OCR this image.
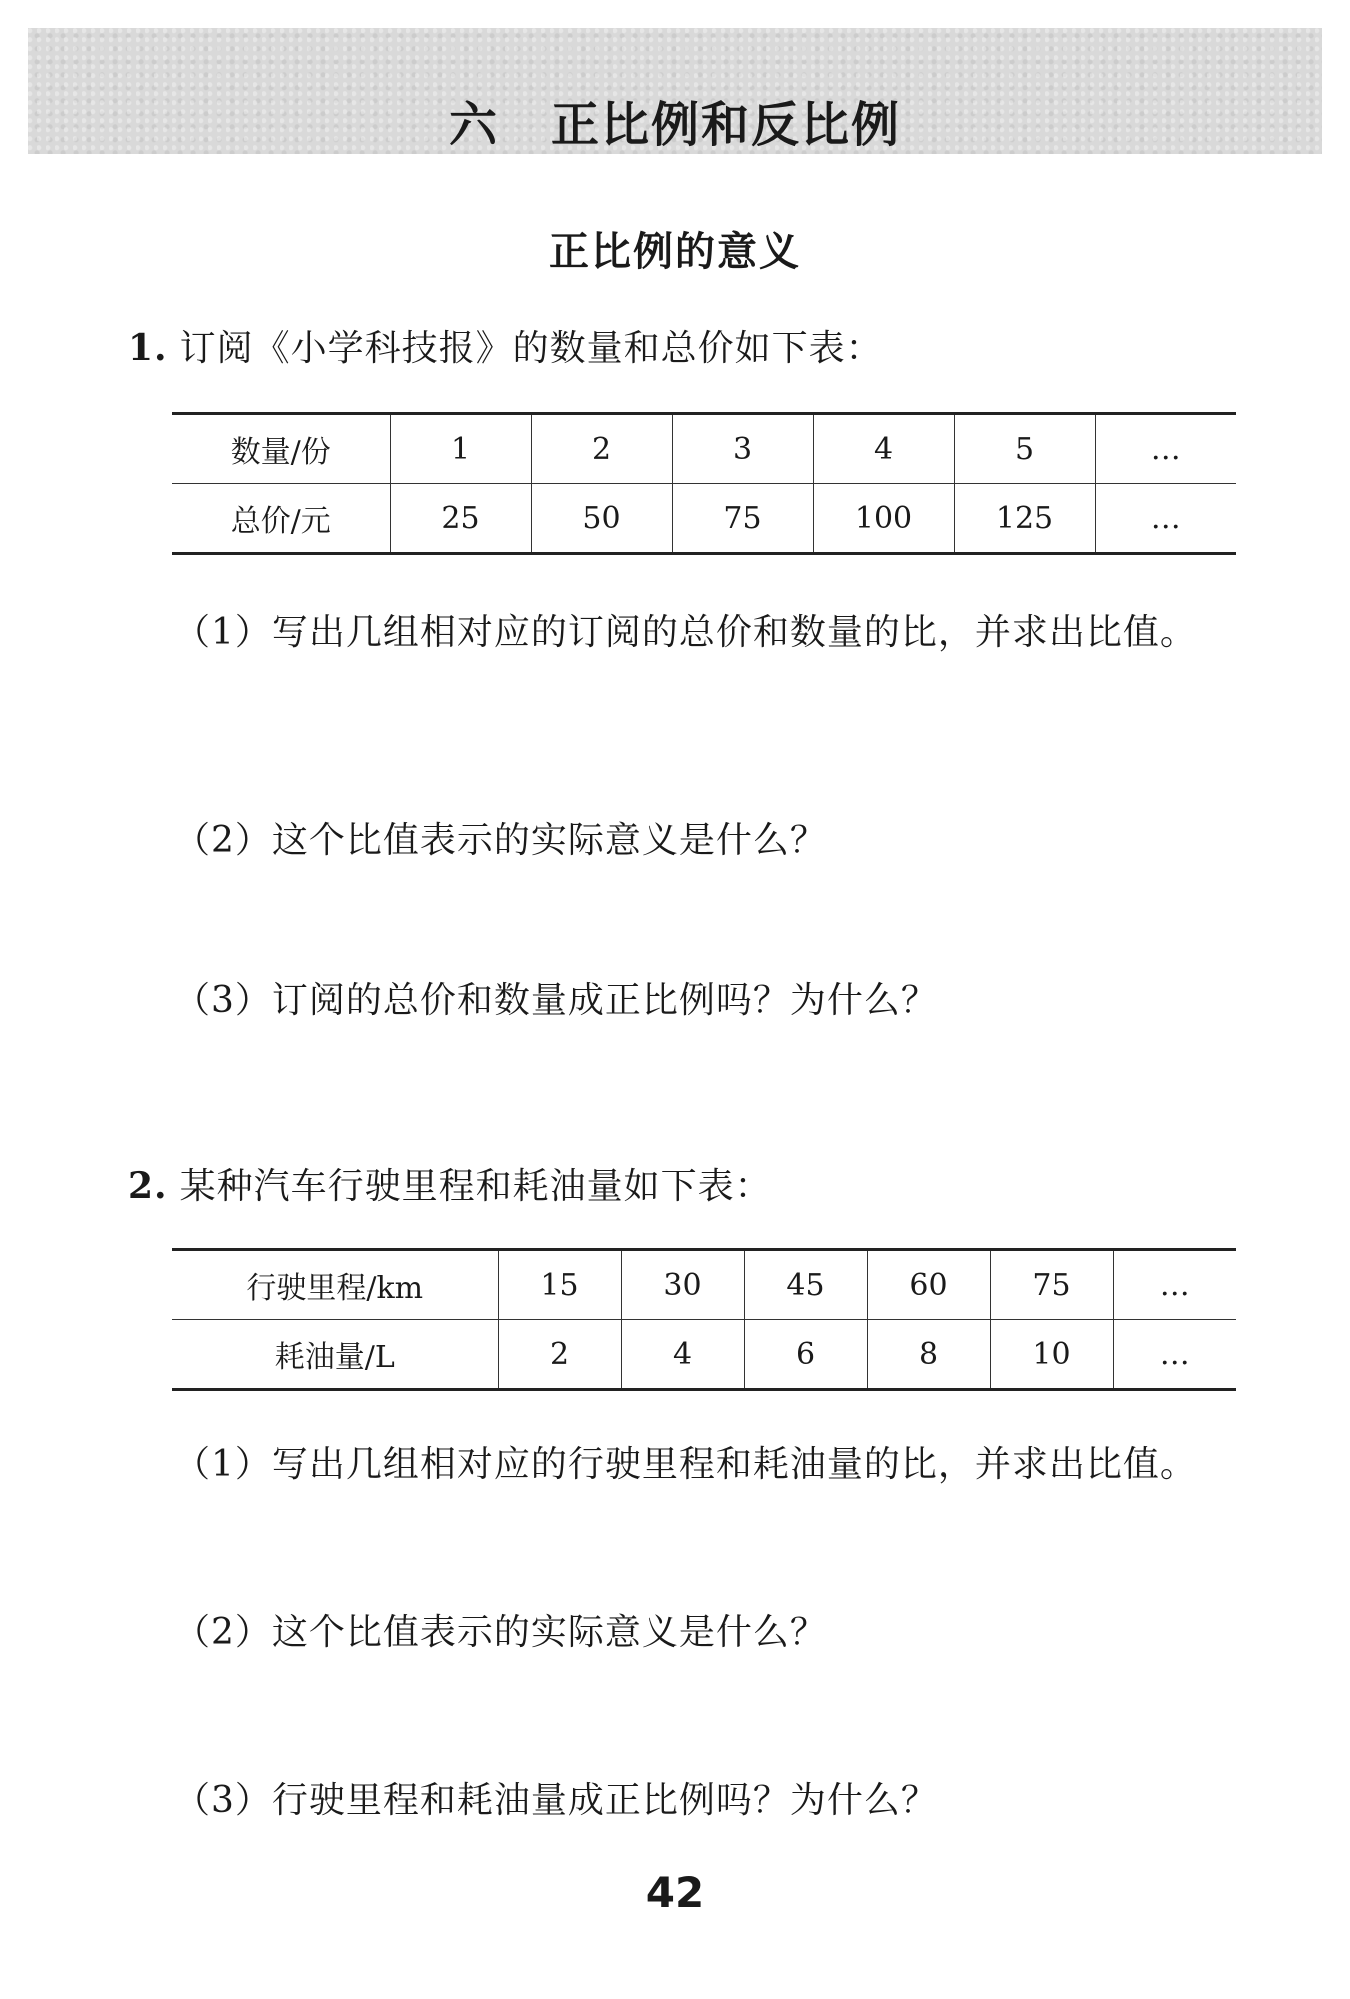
六 正比例和反比例
正比例的意义
1. 订阅《小学科技报》的数量和总价如下表：
数量/份	1	2	3	4	5	…
总价/元	25	50	75	100	125	…
（1）写出几组相对应的订阅的总价和数量的比，并求出比值。
（2）这个比值表示的实际意义是什么？
（3）订阅的总价和数量成正比例吗？为什么？
2. 某种汽车行驶里程和耗油量如下表：
行驶里程/km	15	30	45	60	75	…
耗油量/L	2	4	6	8	10	…
（1）写出几组相对应的行驶里程和耗油量的比，并求出比值。
（2）这个比值表示的实际意义是什么？
（3）行驶里程和耗油量成正比例吗？为什么？
42
